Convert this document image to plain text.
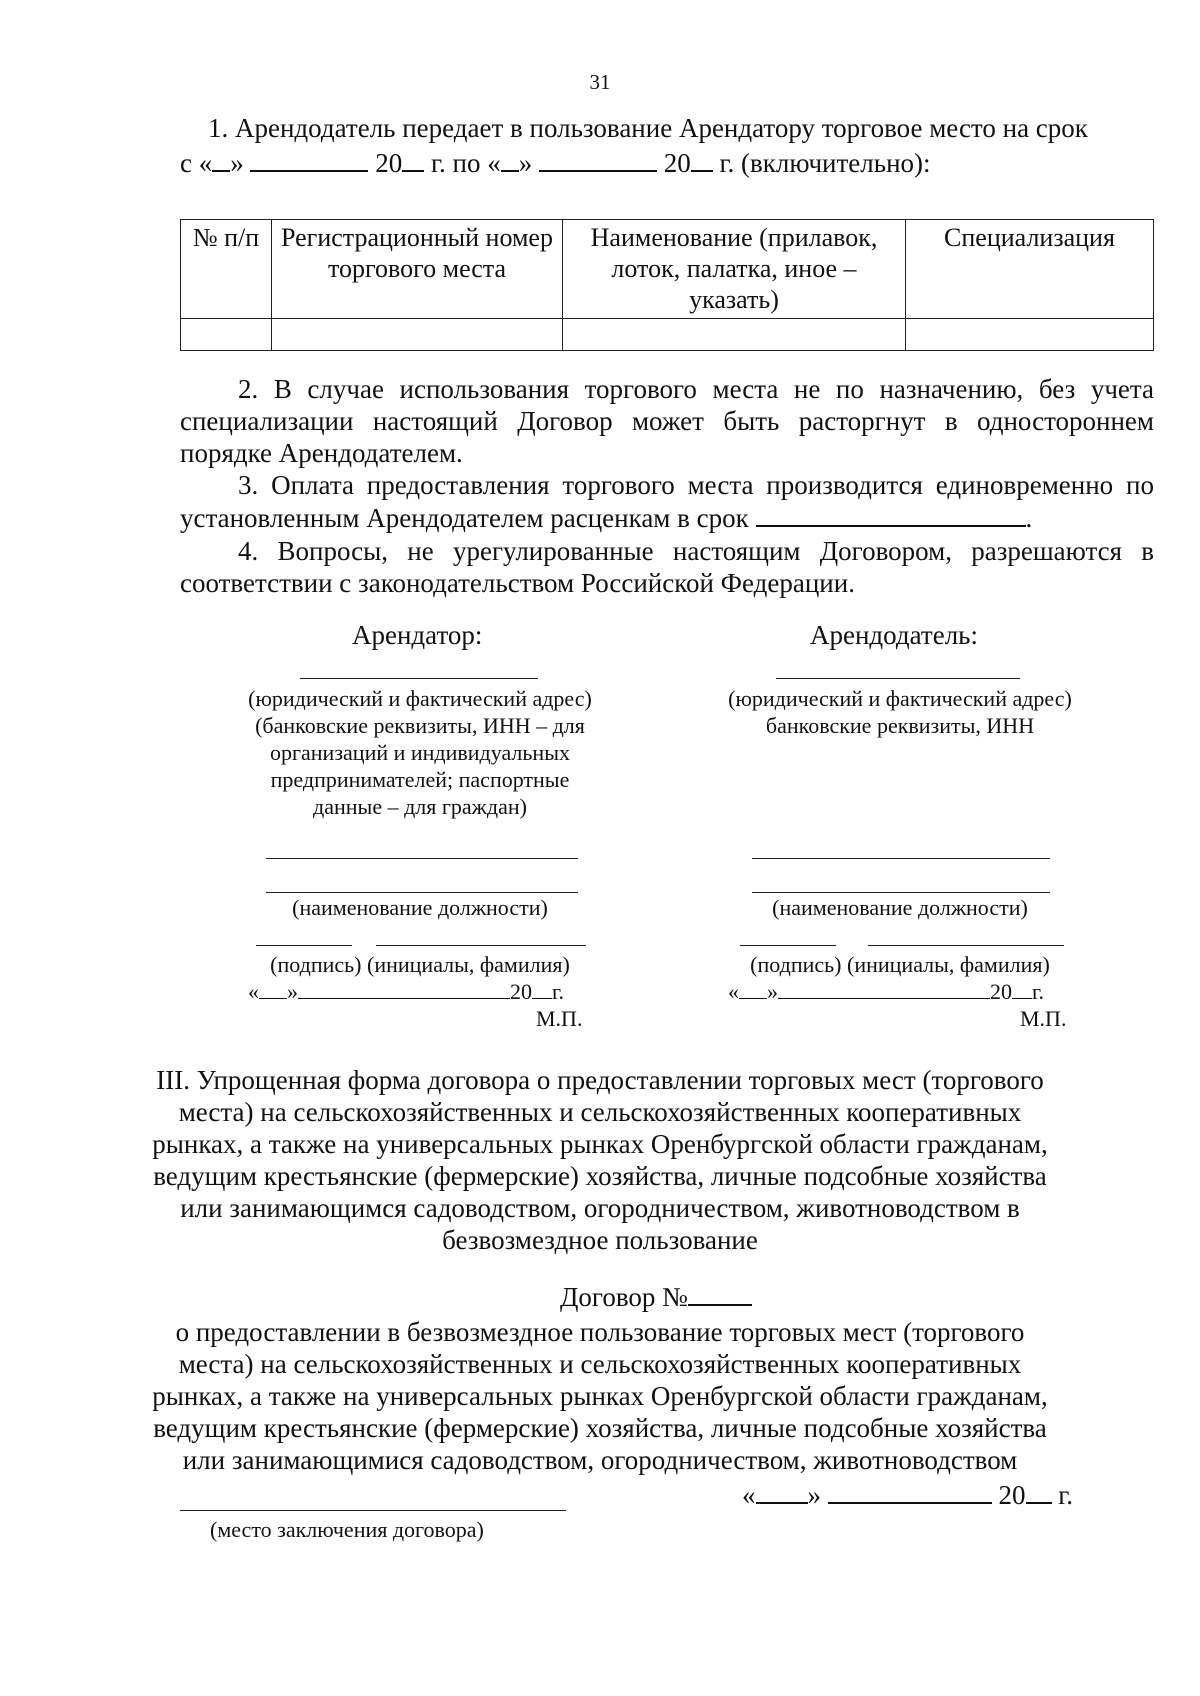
31
1. Арендодатель передает в пользование Арендатору торговое место на срок
с « »	20 г. по « »	20 г. (включительно):
№ п/п	Регистрационный номер торгового места	Наименование (прилавок, лоток, палатка, иное – указать)	Специализация

2. В случае использования торгового места не по назначению, без учета специализации настоящий Договор может быть расторгнут в одностороннем порядке Арендодателем.

3. Оплата предоставления торгового места производится единовременно по установленным Арендодателем расценкам в срок	.

4. Вопросы, не урегулированные настоящим Договором, разрешаются в соответствии с законодательством Российской Федерации.

Арендатор:	Арендодатель:
(юридический и фактический адрес)
(банковские реквизиты, ИНН – для
организаций и индивидуальных
предпринимателей; паспортные
данные – для граждан)
(юридический и фактический адрес)
банковские реквизиты, ИНН
(наименование должности)	(наименование должности)
(подпись) (инициалы, фамилия)	(подпись) (инициалы, фамилия)
« »	20 г.
М.П.
« »	20 г.
М.П.
III. Упрощенная форма договора о предоставлении торговых мест (торгового
места) на сельскохозяйственных и сельскохозяйственных кооперативных
рынках, а также на универсальных рынках Оренбургской области гражданам,
ведущим крестьянские (фермерские) хозяйства, личные подсобные хозяйства
или занимающимся садоводством, огородничеством, животноводством в
безвозмездное пользование
Договор №
о предоставлении в безвозмездное пользование торговых мест (торгового
места) на сельскохозяйственных и сельскохозяйственных кооперативных
рынках, а также на универсальных рынках Оренбургской области гражданам,
ведущим крестьянские (фермерские) хозяйства, личные подсобные хозяйства
или занимающимися садоводством, огородничеством, животноводством
(место заключения договора)
« »	20 г.
